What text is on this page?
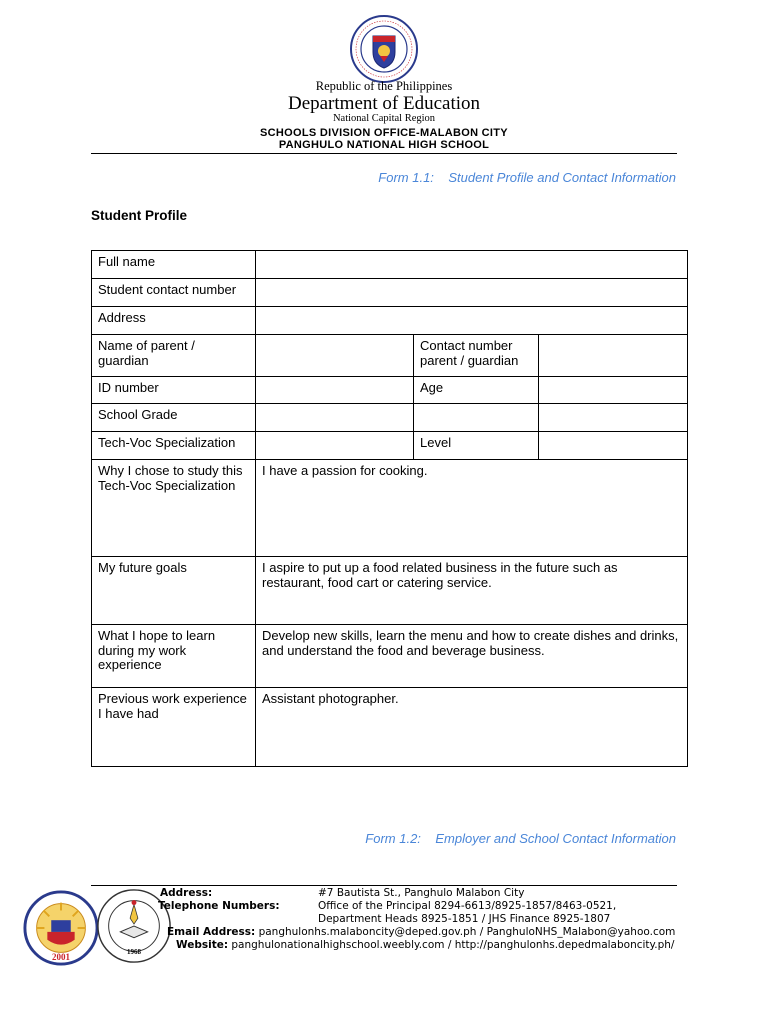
Republic of the Philippines
Department of Education
National Capital Region
SCHOOLS DIVISION OFFICE-MALABON CITY
PANGHULO NATIONAL HIGH SCHOOL
Form 1.1:    Student Profile and Contact Information
Student Profile
Full name			
Student contact number			
Address			
Name of parent / guardian		Contact number parent / guardian	
ID number		Age	
School Grade			
Tech-Voc Specialization		Level	
Why I chose to study this Tech-Voc Specialization	I have a passion for cooking.		
My future goals	I aspire to put up a food related business in the future such as restaurant, food cart or catering service.		
What I hope to learn during my work experience	Develop new skills, learn the menu and how to create dishes and drinks, and understand the food and beverage business.		
Previous work experience I have had	Assistant photographer.		
Form 1.2:    Employer and School Contact Information
2001	1968
Address:	#7 Bautista St., Panghulo Malabon City
Telephone Numbers:	Office of the Principal 8294-6613/8925-1857/8463-0521,
Department Heads 8925-1851 / JHS Finance 8925-1807
Email Address: panghulonhs.malaboncity@deped.gov.ph / PanghuloNHS_Malabon@yahoo.com
Website: panghulonationalhighschool.weebly.com / http://panghulonhs.depedmalaboncity.ph/
